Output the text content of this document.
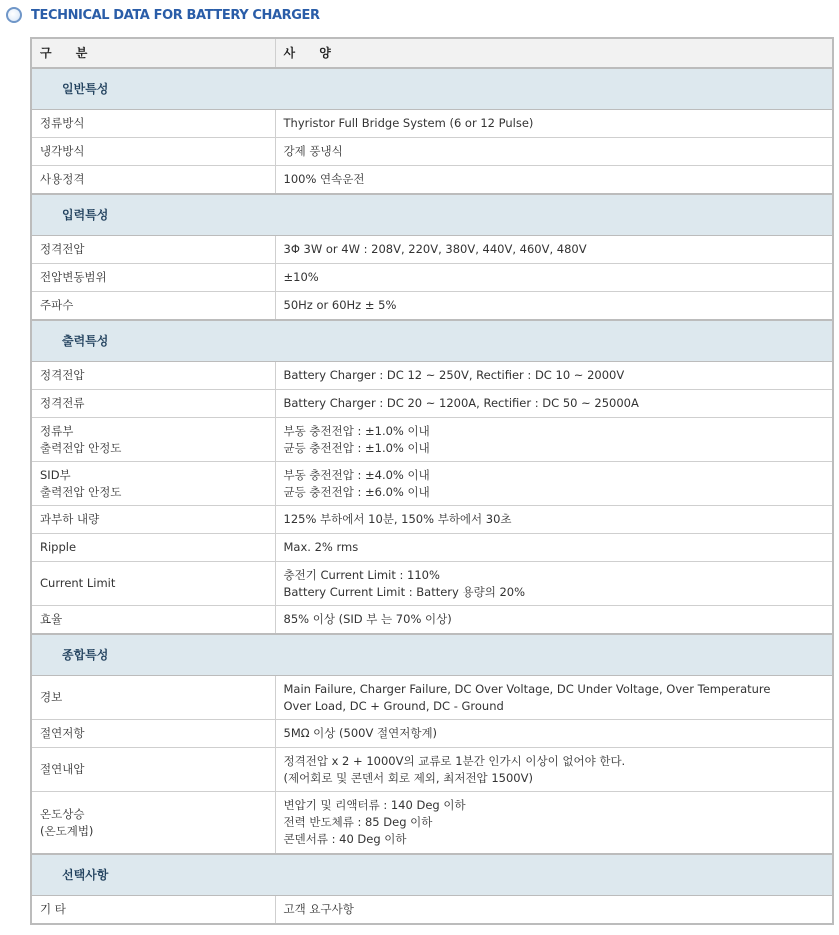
TECHNICAL DATA FOR BATTERY CHARGER
구 분	사 양
일반특성	

정류방식	Thyristor Full Bridge System (6 or 12 Pulse)

냉각방식	강제 풍냉식

사용정격	100% 연속운전

입력특성	

정격전압	3Φ 3W or 4W : 208V, 220V, 380V, 440V, 460V, 480V

전압변동범위	±10%

주파수	50Hz or 60Hz ± 5%

출력특성	

정격전압	Battery Charger : DC 12 ~ 250V, Rectifier : DC 10 ~ 2000V

정격전류	Battery Charger : DC 20 ~ 1200A, Rectifier : DC 50 ~ 25000A

정류부
출력전압 안정도	부동 충전전압 : ±1.0% 이내
균등 충전전압 : ±1.0% 이내

SID부
출력전압 안정도	부동 충전전압 : ±4.0% 이내
균등 충전전압 : ±6.0% 이내

과부하 내량	125% 부하에서 10분, 150% 부하에서 30초

Ripple	Max. 2% rms

Current Limit	충전기 Current Limit : 110%
Battery Current Limit : Battery 용량의 20%

효율	85% 이상 (SID 부 는 70% 이상)

종합특성	

경보	Main Failure, Charger Failure, DC Over Voltage, DC Under Voltage, Over Temperature
Over Load, DC + Ground, DC - Ground

절연저항	5MΩ 이상 (500V 절연저항계)

절연내압	정격전압 x 2 + 1000V의 교류로 1분간 인가시 이상이 없어야 한다.
(제어회로 및 콘덴서 회로 제외, 최저전압 1500V)

온도상승
(온도계법)	변압기 및 리액터류 : 140 Deg 이하
전력 반도체류 : 85 Deg 이하
콘덴서류 : 40 Deg 이하

선택사항	

기 타	고객 요구사항
